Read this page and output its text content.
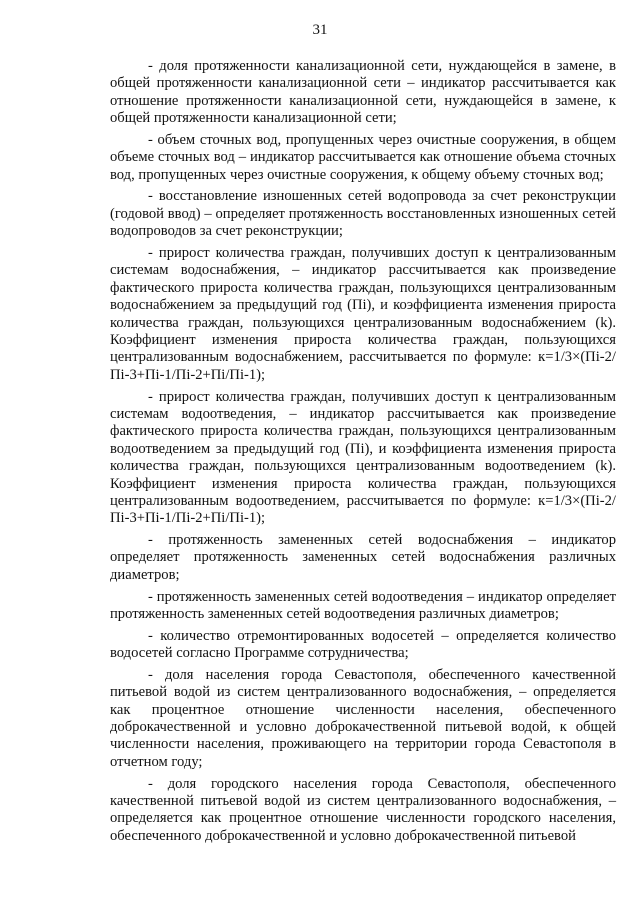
31

- доля протяженности канализационной сети, нуждающейся в замене, в общей протяженности канализационной сети – индикатор рассчитывается как отношение протяженности канализационной сети, нуждающейся в замене, к общей протяженности канализационной сети;

- объем сточных вод, пропущенных через очистные сооружения, в общем объеме сточных вод – индикатор рассчитывается как отношение объема сточных вод, пропущенных через очистные сооружения, к общему объему сточных вод;

- восстановление изношенных сетей водопровода за счет реконструкции (годовой ввод) – определяет протяженность восстановленных изношенных сетей водопроводов за счет реконструкции;

- прирост количества граждан, получивших доступ к централизованным системам водоснабжения, – индикатор рассчитывается как произведение фактического прироста количества граждан, пользующихся централизованным водоснабжением за предыдущий год (Пi), и коэффициента изменения прироста количества граждан, пользующихся централизованным водоснабжением (k). Коэффициент изменения прироста количества граждан, пользующихся централизованным водоснабжением, рассчитывается по формуле: к=1/3×(Пi-2/Пi-3+Пi-1/Пi-2+Пi/Пi-1);

- прирост количества граждан, получивших доступ к централизованным системам водоотведения, – индикатор рассчитывается как произведение фактического прироста количества граждан, пользующихся централизованным водоотведением за предыдущий год (Пi), и коэффициента изменения прироста количества граждан, пользующихся централизованным водоотведением (k). Коэффициент изменения прироста количества граждан, пользующихся централизованным водоотведением, рассчитывается по формуле: к=1/3×(Пi-2/Пi-3+Пi-1/Пi-2+Пi/Пi-1);

- протяженность замененных сетей водоснабжения – индикатор определяет протяженность замененных сетей водоснабжения различных диаметров;

- протяженность замененных сетей водоотведения – индикатор определяет протяженность замененных сетей водоотведения различных диаметров;

- количество отремонтированных водосетей – определяется количество водосетей согласно Программе сотрудничества;

- доля населения города Севастополя, обеспеченного качественной питьевой водой из систем централизованного водоснабжения, – определяется как процентное отношение численности населения, обеспеченного доброкачественной и условно доброкачественной питьевой водой, к общей численности населения, проживающего на территории города Севастополя в отчетном году;

- доля городского населения города Севастополя, обеспеченного качественной питьевой водой из систем централизованного водоснабжения, – определяется как процентное отношение численности городского населения, обеспеченного доброкачественной и условно доброкачественной питьевой
